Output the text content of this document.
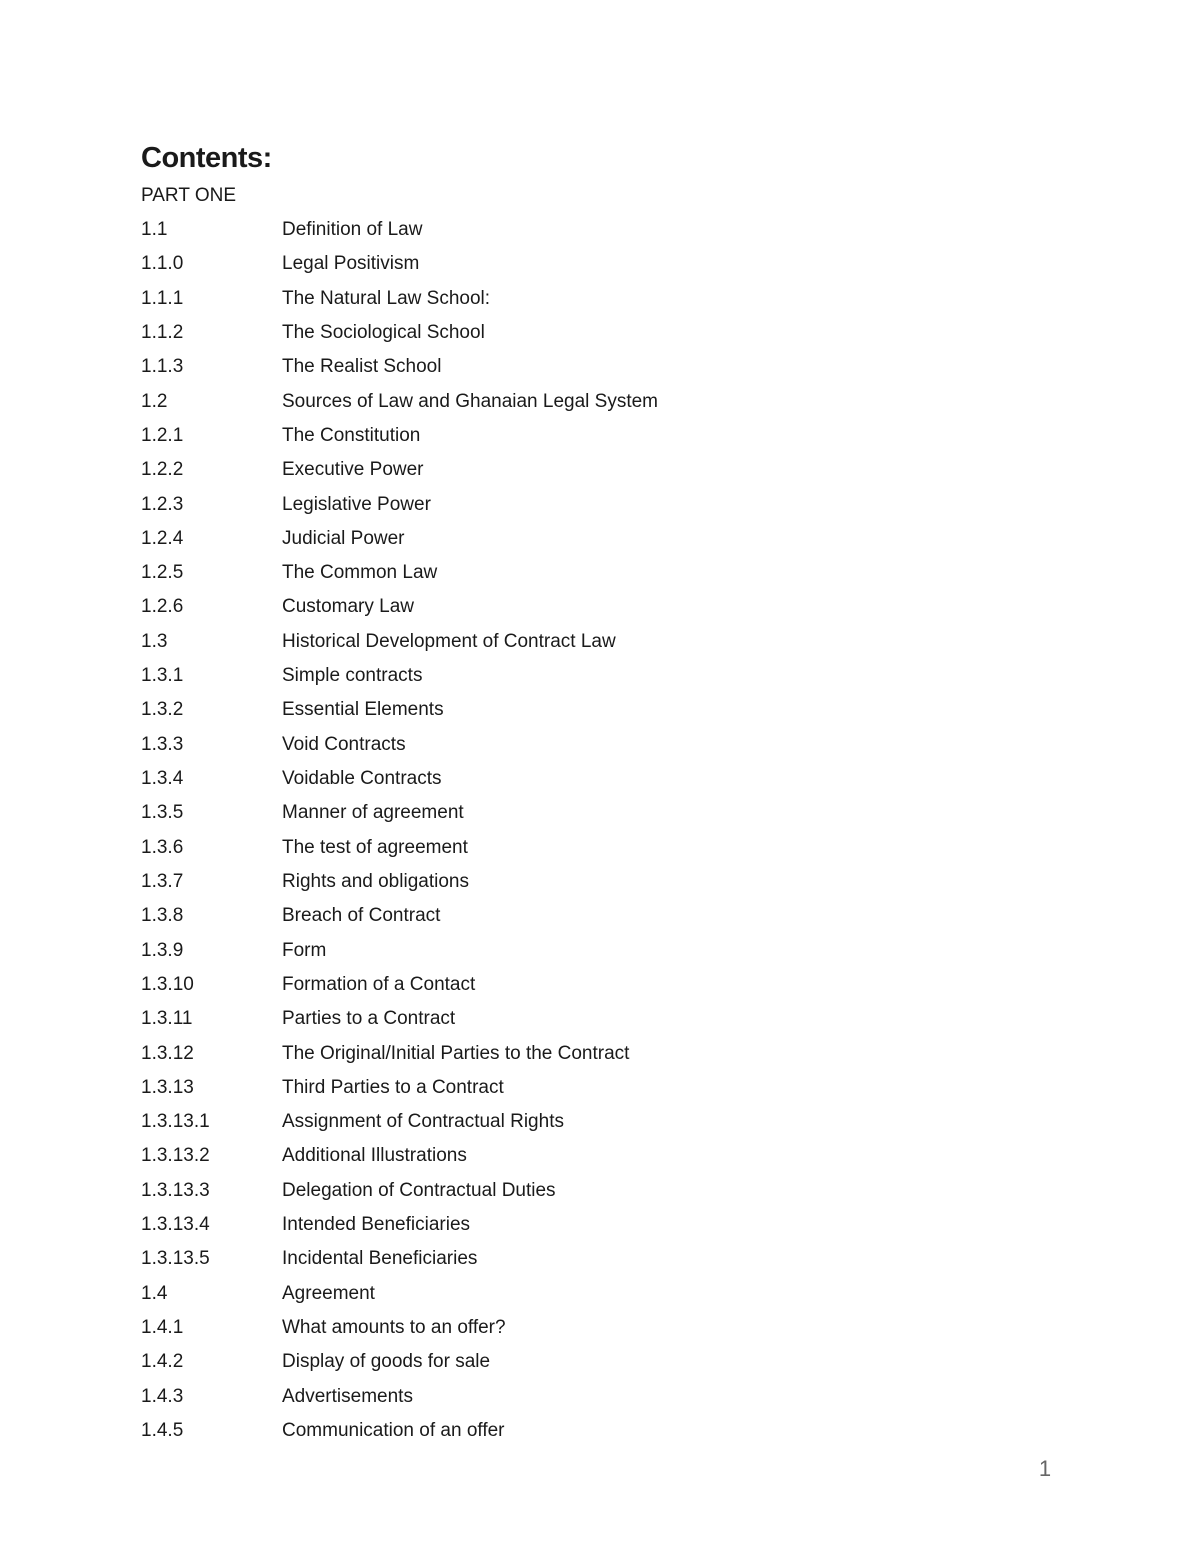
Contents:
PART ONE
1.1	Definition of Law
1.1.0	Legal Positivism
1.1.1	The Natural Law School:
1.1.2	The Sociological School
1.1.3	The Realist School
1.2	Sources of Law and Ghanaian Legal System
1.2.1	The Constitution
1.2.2	Executive Power
1.2.3	Legislative Power
1.2.4	Judicial Power
1.2.5	The Common Law
1.2.6	Customary Law
1.3	Historical Development of Contract Law
1.3.1	Simple contracts
1.3.2	Essential Elements
1.3.3	Void Contracts
1.3.4	Voidable Contracts
1.3.5	Manner of agreement
1.3.6	The test of agreement
1.3.7	Rights and obligations
1.3.8	Breach of Contract
1.3.9	Form
1.3.10	Formation of a Contact
1.3.11	Parties to a Contract
1.3.12	The Original/Initial Parties to the Contract
1.3.13	Third Parties to a Contract
1.3.13.1	Assignment of Contractual Rights
1.3.13.2	Additional Illustrations
1.3.13.3	Delegation of Contractual Duties
1.3.13.4	Intended Beneficiaries
1.3.13.5	Incidental Beneficiaries
1.4	Agreement
1.4.1	What amounts to an offer?
1.4.2	Display of goods for sale
1.4.3	Advertisements
1.4.5	Communication of an offer
1
